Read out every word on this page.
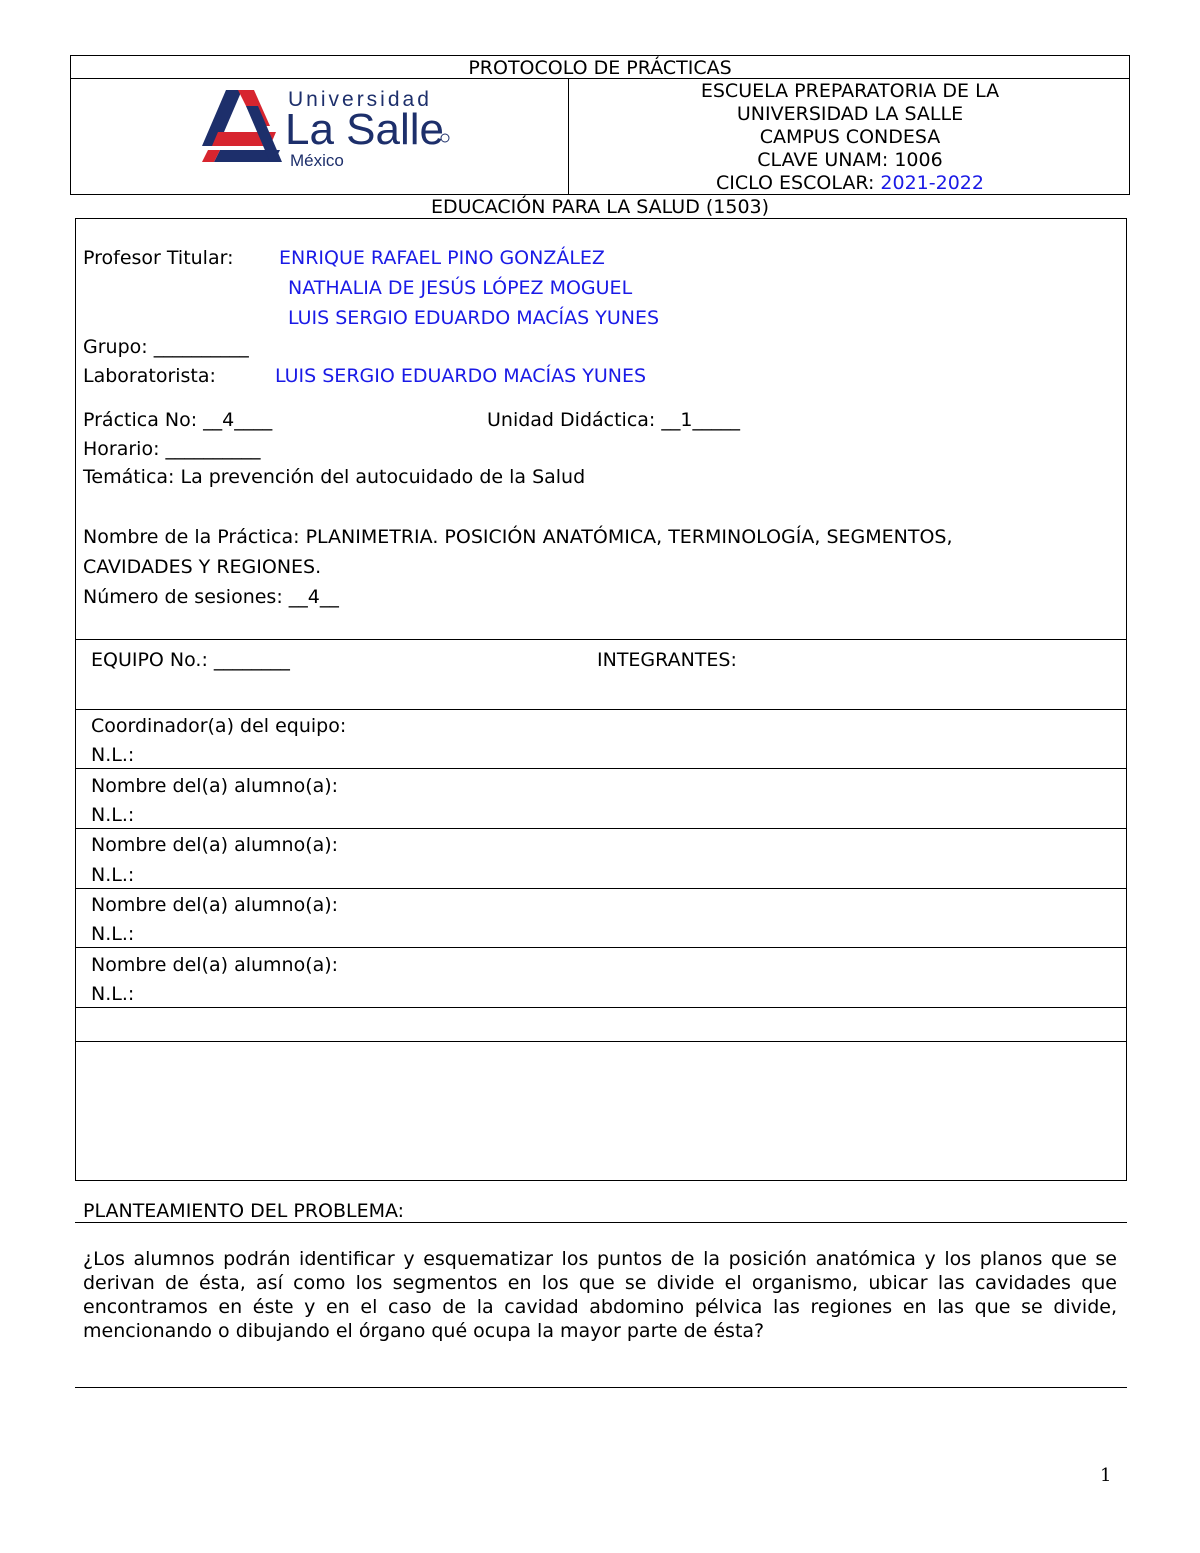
PROTOCOLO DE PRÁCTICAS
Universidad
La Salle
México
ESCUELA PREPARATORIA DE LA
UNIVERSIDAD LA SALLE
CAMPUS CONDESA
CLAVE UNAM: 1006
CICLO ESCOLAR: 2021-2022
EDUCACIÓN PARA LA SALUD (1503)
Profesor Titular: ENRIQUE RAFAEL PINO GONZÁLEZ
NATHALIA DE JESÚS LÓPEZ MOGUEL
LUIS SERGIO EDUARDO MACÍAS YUNES
Grupo: __________
Laboratorista:	LUIS SERGIO EDUARDO MACÍAS YUNES
Práctica No: __4____	Unidad Didáctica: __1_____
Horario: __________
Temática: La prevención del autocuidado de la Salud
Nombre de la Práctica: PLANIMETRIA. POSICIÓN ANATÓMICA, TERMINOLOGÍA, SEGMENTOS,
CAVIDADES Y REGIONES.
Número de sesiones: __4__
EQUIPO No.: ________	INTEGRANTES:
Coordinador(a) del equipo:
N.L.:
Nombre del(a) alumno(a):
N.L.:
Nombre del(a) alumno(a):
N.L.:
Nombre del(a) alumno(a):
N.L.:
Nombre del(a) alumno(a):
N.L.:
PLANTEAMIENTO DEL PROBLEMA:
¿Los alumnos podrán identificar y esquematizar los puntos de la posición anatómica y los planos que se derivan de ésta, así como los segmentos en los que se divide el organismo, ubicar las cavidades que encontramos en éste y en el caso de la cavidad abdomino pélvica las regiones en las que se divide, mencionando o dibujando el órgano qué ocupa la mayor parte de ésta?
1
